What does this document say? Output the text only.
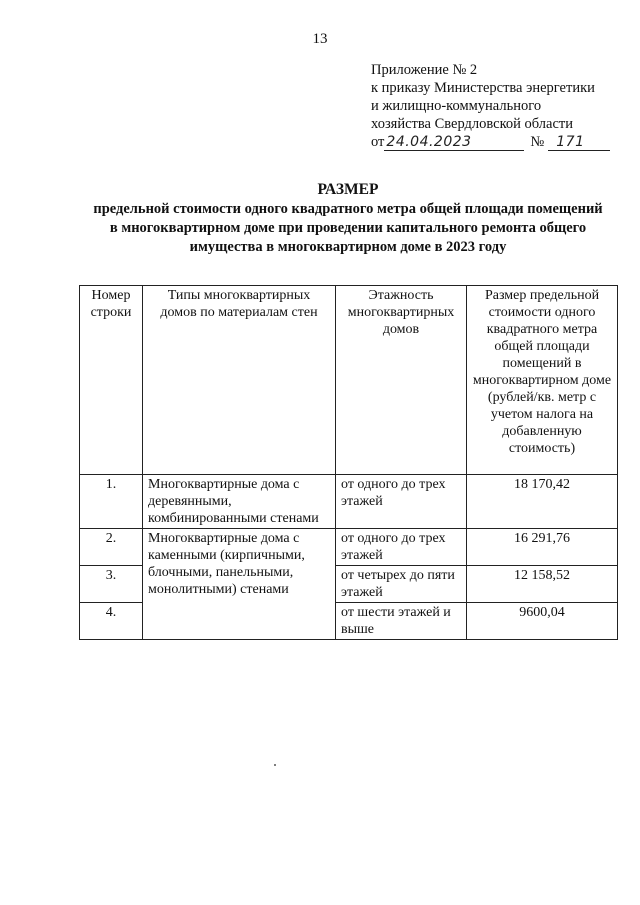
13
Приложение № 2
к приказу Министерства энергетики
и жилищно-коммунального
хозяйства Свердловской области
от 24.04.2023	№ 171
РАЗМЕР
предельной стоимости одного квадратного метра общей площади помещений
в многоквартирном доме при проведении капитального ремонта общего
имущества в многоквартирном доме в 2023 году
Номер строки	Типы многоквартирных домов по материалам стен	Этажность многоквартирных домов	Размер предельной стоимости одного квадратного метра общей площади помещений в многоквартирном доме (рублей/кв. метр с учетом налога на добавленную стоимость)
1.	Многоквартирные дома с деревянными, комбинированными стенами	от одного до трех этажей	18 170,42
2.	Многоквартирные дома с каменными (кирпичными, блочными, панельными, монолитными) стенами	от одного до трех этажей	16 291,76
3.		от четырех до пяти этажей	12 158,52
4.		от шести этажей и выше	9600,04
